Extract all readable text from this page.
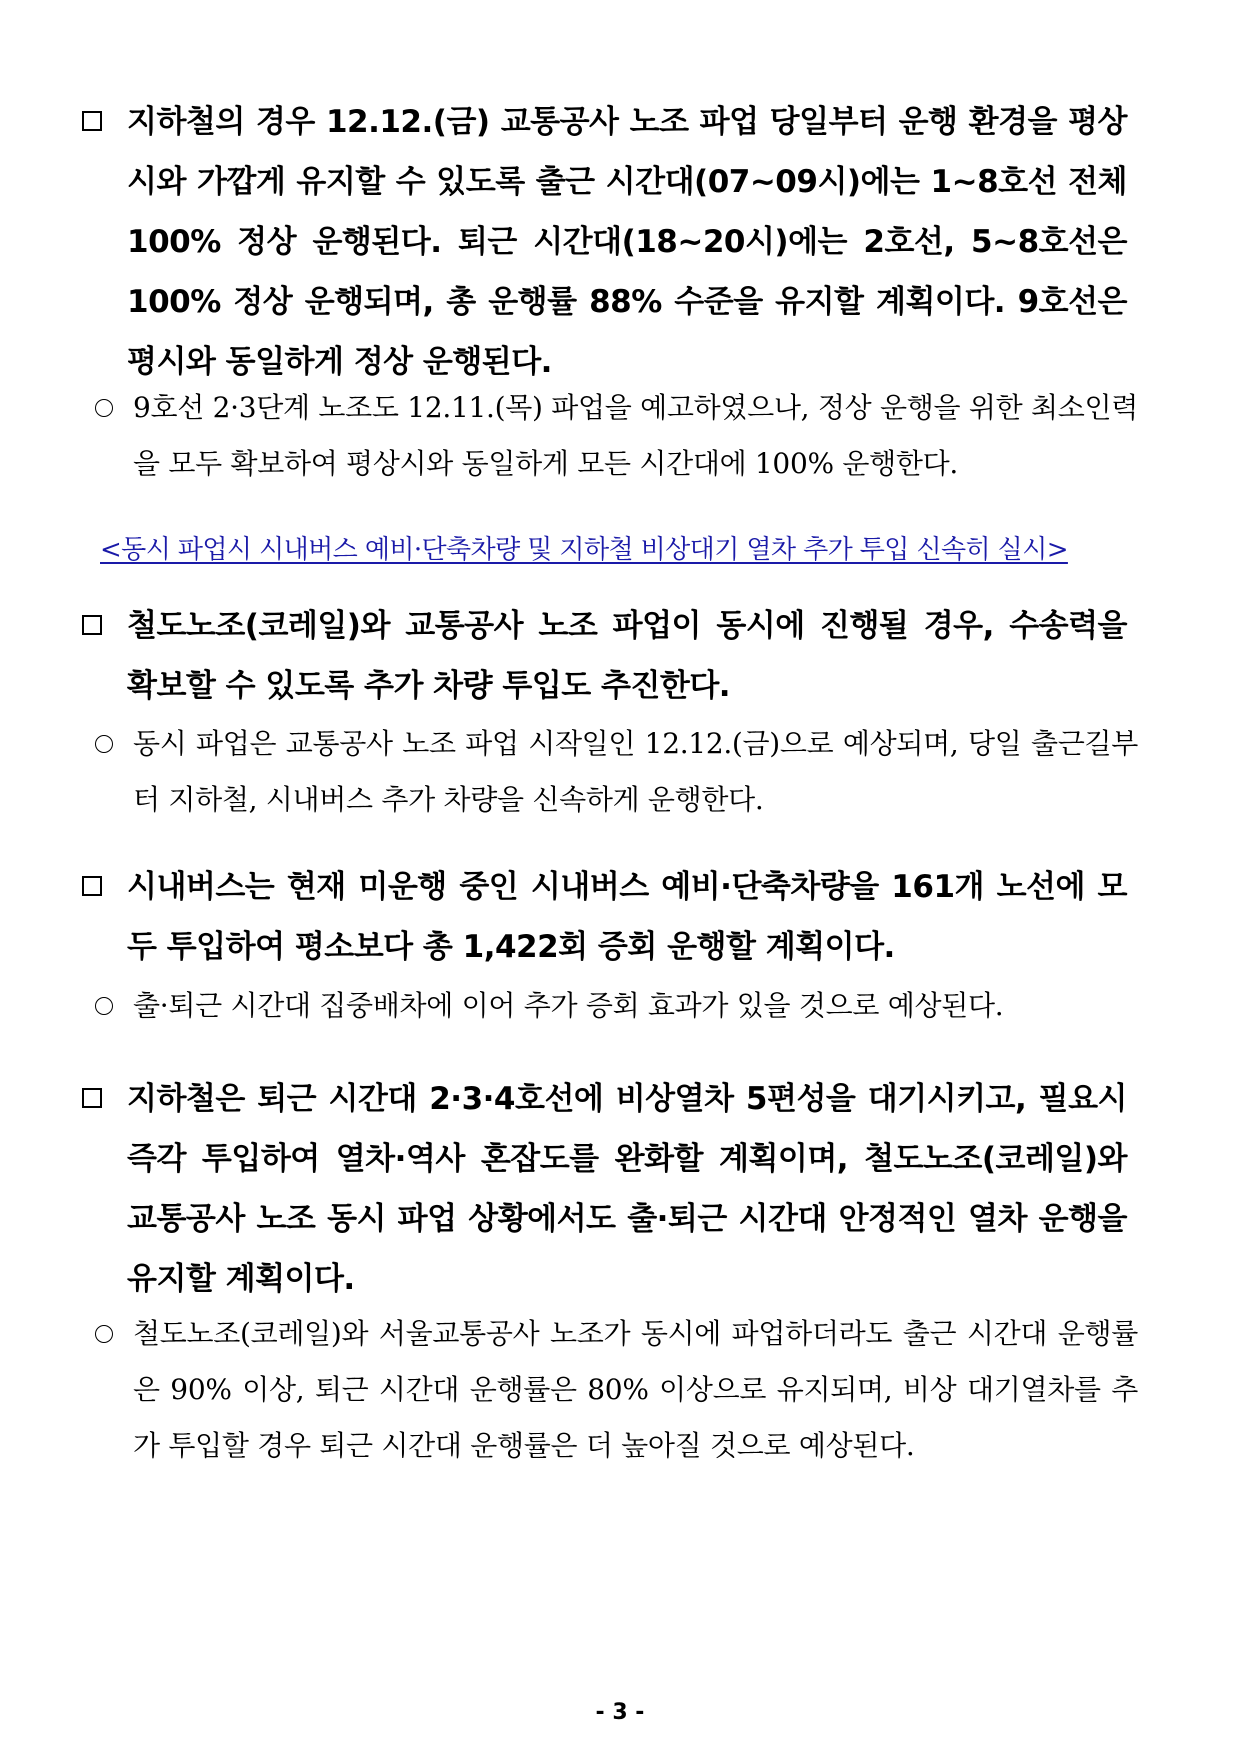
지하철의 경우 12.12.(금) 교통공사 노조 파업 당일부터 운행 환경을 평상시와 가깝게 유지할 수 있도록 출근 시간대(07~09시)에는 1~8호선 전체 100% 정상 운행된다. 퇴근 시간대(18~20시)에는 2호선, 5~8호선은 100% 정상 운행되며, 총 운행률 88% 수준을 유지할 계획이다. 9호선은 평시와 동일하게 정상 운행된다.
9호선 2·3단계 노조도 12.11.(목) 파업을 예고하였으나, 정상 운행을 위한 최소인력을 모두 확보하여 평상시와 동일하게 모든 시간대에 100% 운행한다.
<동시 파업시 시내버스 예비·단축차량 및 지하철 비상대기 열차 추가 투입 신속히 실시>
철도노조(코레일)와 교통공사 노조 파업이 동시에 진행될 경우, 수송력을 확보할 수 있도록 추가 차량 투입도 추진한다.
동시 파업은 교통공사 노조 파업 시작일인 12.12.(금)으로 예상되며, 당일 출근길부터 지하철, 시내버스 추가 차량을 신속하게 운행한다.
시내버스는 현재 미운행 중인 시내버스 예비·단축차량을 161개 노선에 모두 투입하여 평소보다 총 1,422회 증회 운행할 계획이다.
출·퇴근 시간대 집중배차에 이어 추가 증회 효과가 있을 것으로 예상된다.
지하철은 퇴근 시간대 2·3·4호선에 비상열차 5편성을 대기시키고, 필요시 즉각 투입하여 열차·역사 혼잡도를 완화할 계획이며, 철도노조(코레일)와 교통공사 노조 동시 파업 상황에서도 출·퇴근 시간대 안정적인 열차 운행을 유지할 계획이다.
철도노조(코레일)와 서울교통공사 노조가 동시에 파업하더라도 출근 시간대 운행률은 90% 이상, 퇴근 시간대 운행률은 80% 이상으로 유지되며, 비상 대기열차를 추가 투입할 경우 퇴근 시간대 운행률은 더 높아질 것으로 예상된다.
- 3 -
